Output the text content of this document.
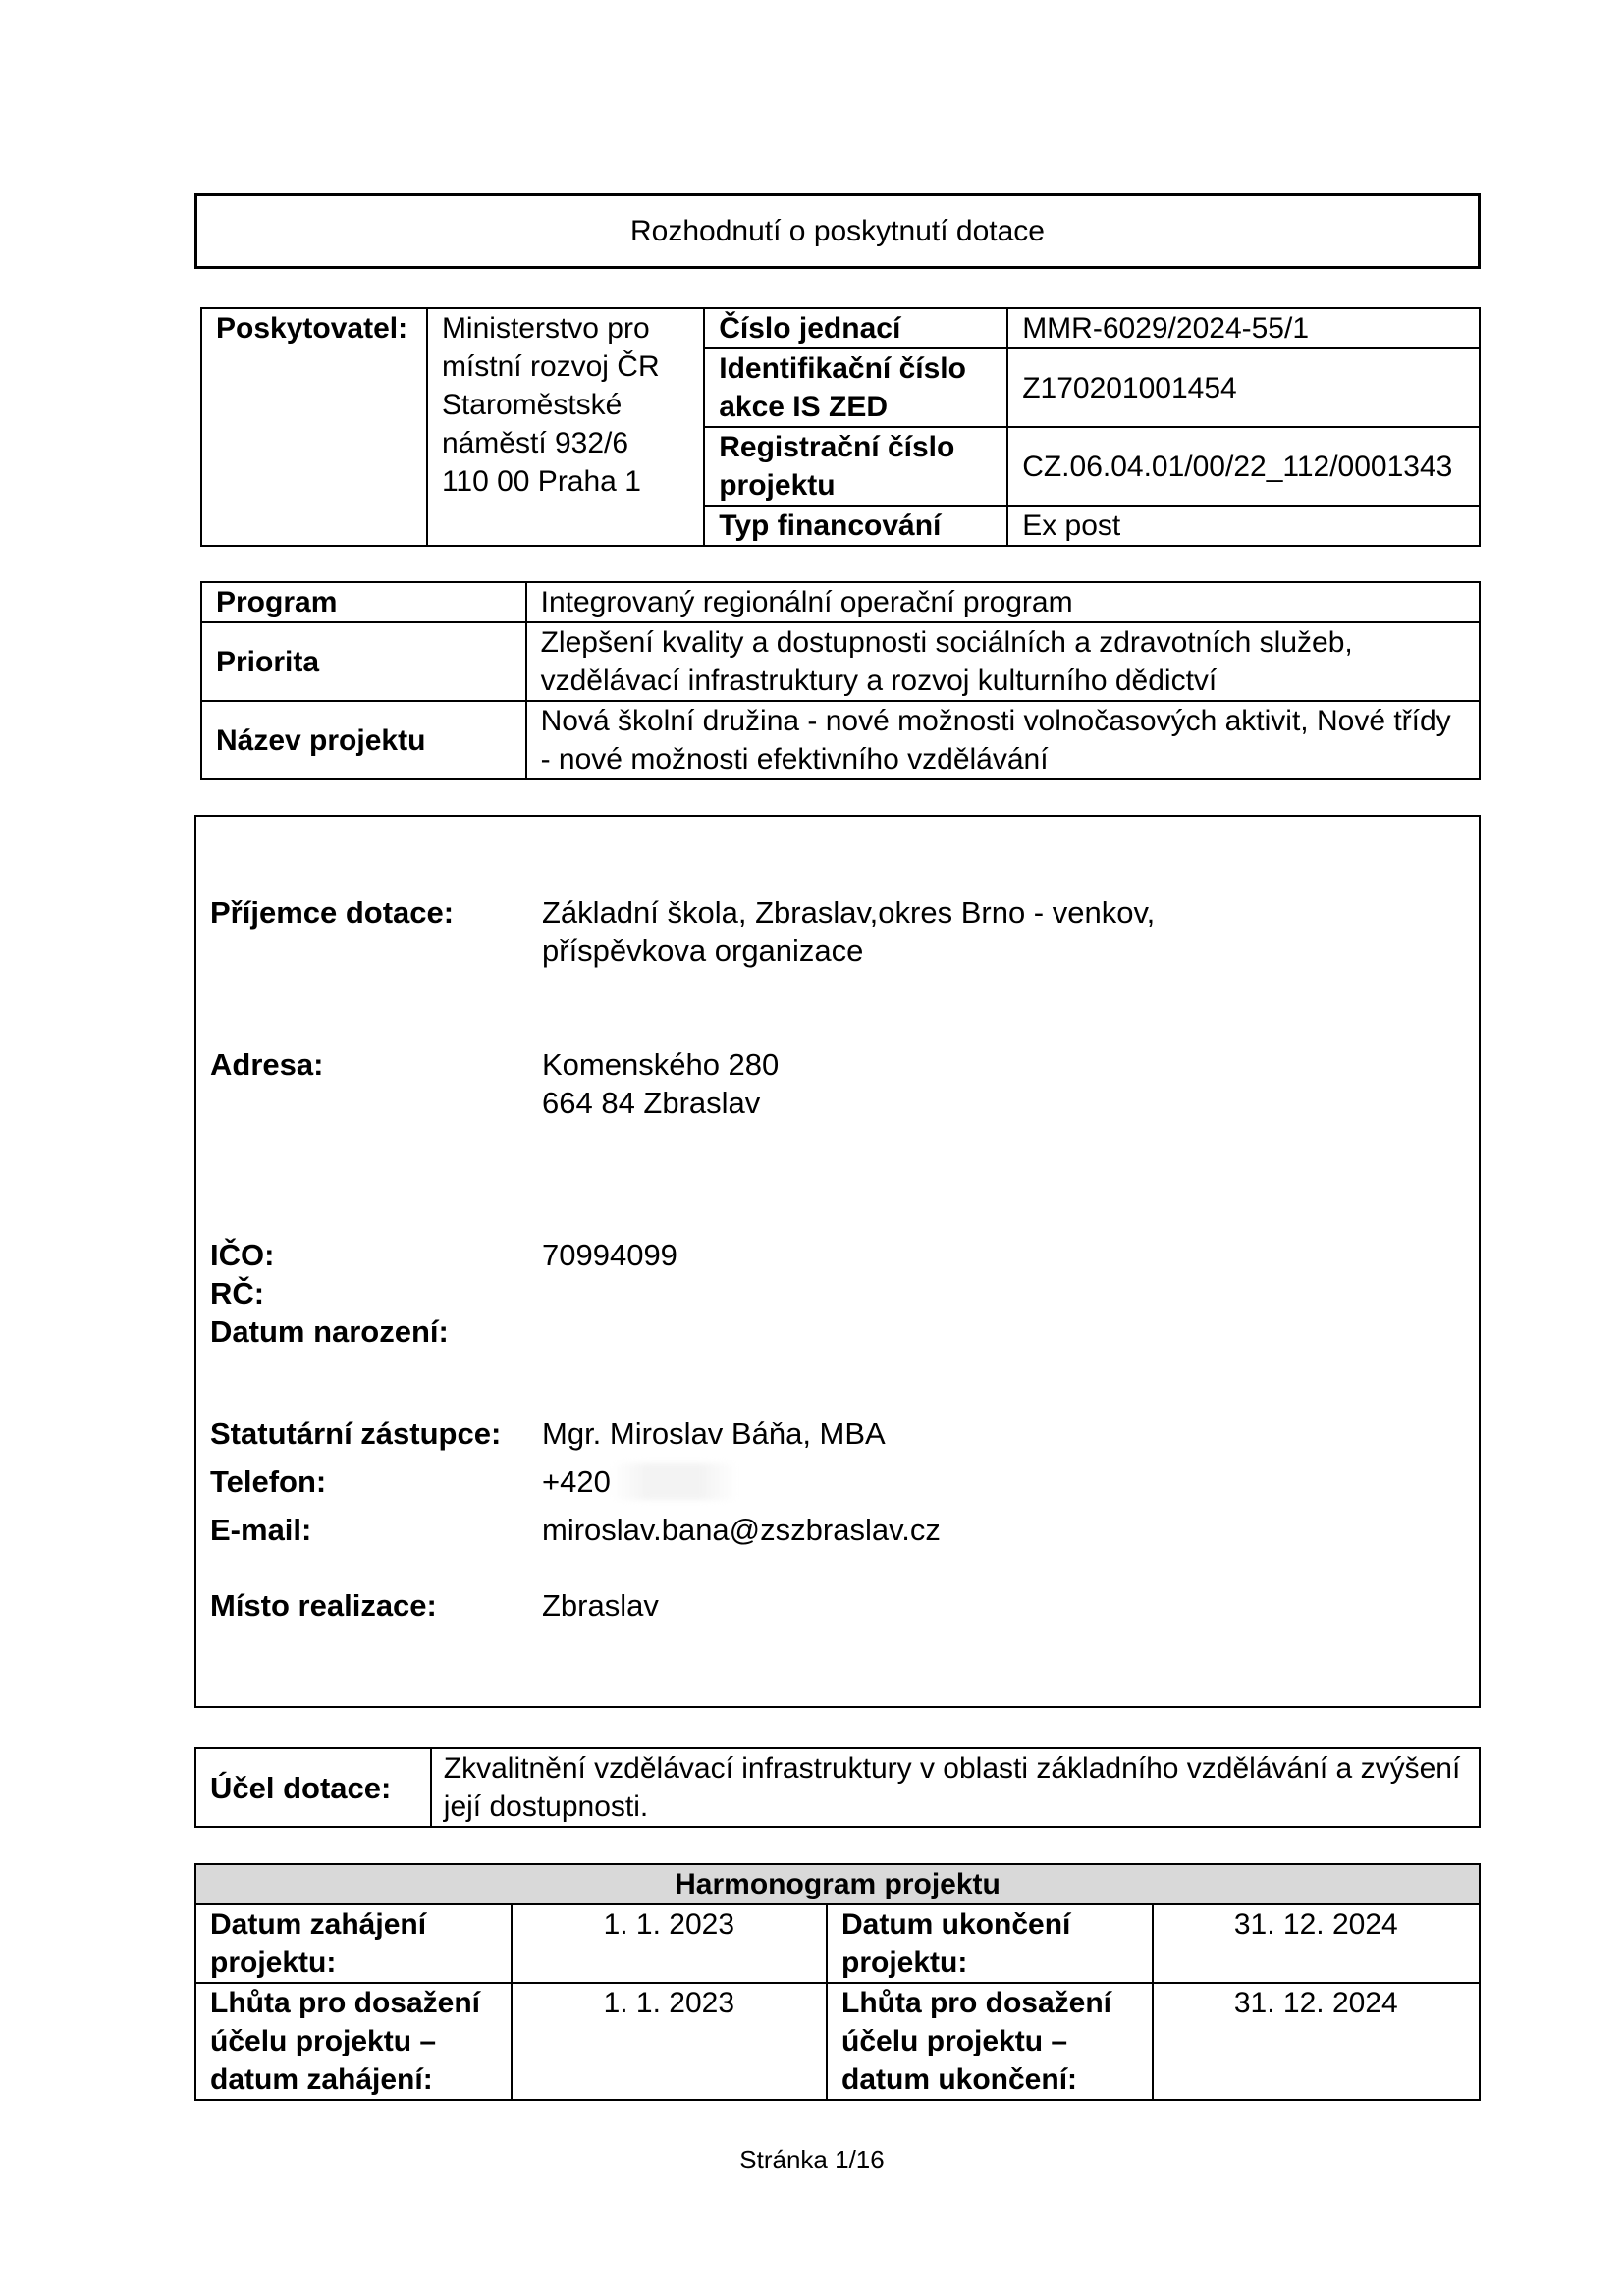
Rozhodnutí o poskytnutí dotace
Poskytovatel:	Ministerstvo pro
místní rozvoj ČR
Staroměstské
náměstí 932/6
110 00 Praha 1	Číslo jednací	MMR-6029/2024-55/1
		Identifikační číslo akce IS ZED	Z170201001454
		Registrační číslo projektu	CZ.06.04.01/00/22_112/0001343
		Typ financování	Ex post
Program	Integrovaný regionální operační program
Priorita	Zlepšení kvality a dostupnosti sociálních a zdravotních služeb, vzdělávací infrastruktury a rozvoj kulturního dědictví
Název projektu	Nová školní družina - nové možnosti volnočasových aktivit, Nové třídy - nové možnosti efektivního vzdělávání
Příjemce dotace:	Základní škola, Zbraslav,okres Brno - venkov,
příspěvkova organizace
Adresa:	Komenského 280
664 84 Zbraslav
IČO:	70994099
RČ:
Datum narození:
Statutární zástupce: Mgr. Miroslav Báňa, MBA
Telefon:	+420
E-mail:	miroslav.bana@zszbraslav.cz
Místo realizace:	Zbraslav
Účel dotace:	Zkvalitnění vzdělávací infrastruktury v oblasti základního vzdělávání a zvýšení její dostupnosti.
Harmonogram projektu			
Datum zahájení projektu:	1. 1. 2023	Datum ukončení projektu:	31. 12. 2024
Lhůta pro dosažení účelu projektu – datum zahájení:	1. 1. 2023	Lhůta pro dosažení účelu projektu – datum ukončení:	31. 12. 2024
Stránka 1/16
